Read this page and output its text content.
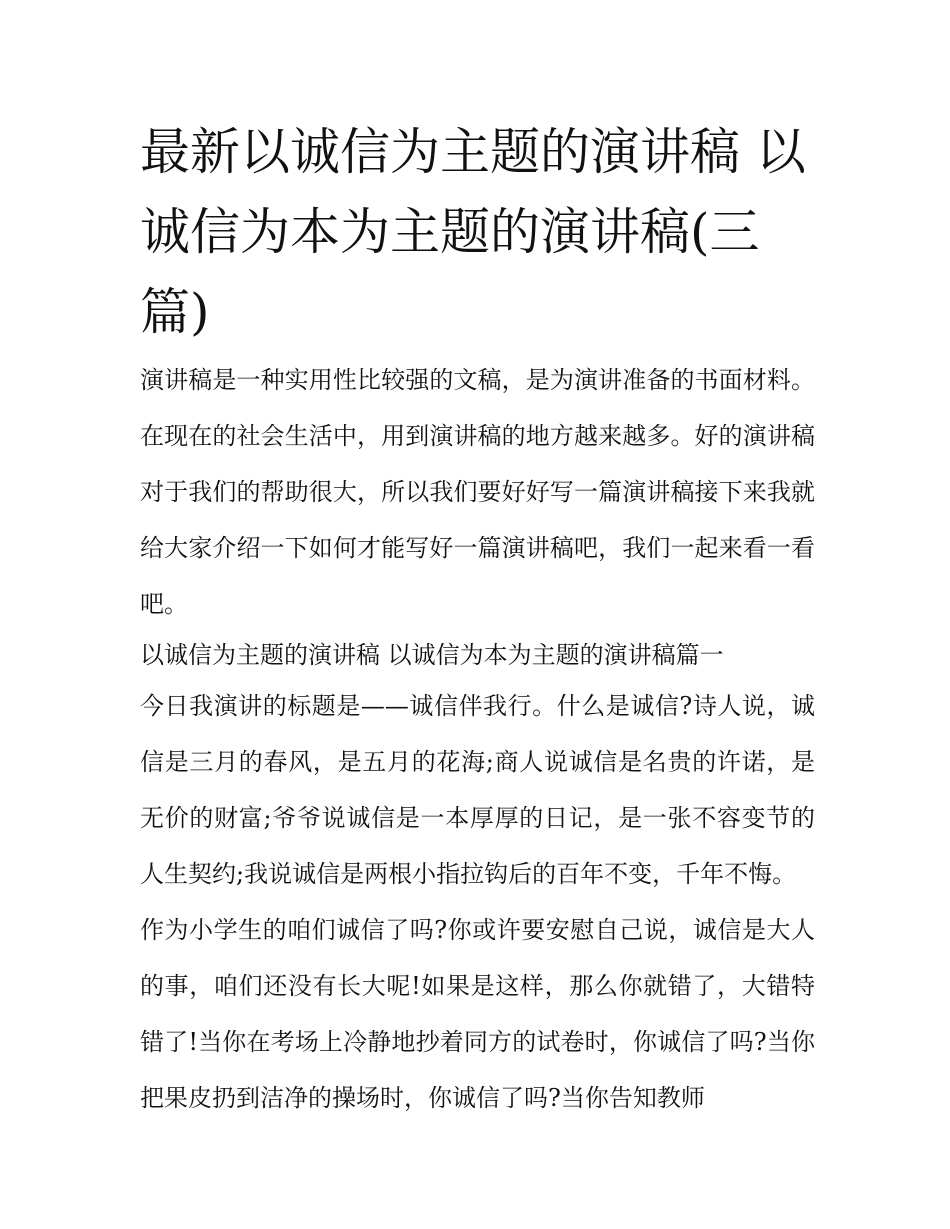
最新以诚信为主题的演讲稿 以诚信为本为主题的演讲稿(三篇)

演讲稿是一种实用性比较强的文稿，是为演讲准备的书面材料。在现在的社会生活中，用到演讲稿的地方越来越多。好的演讲稿对于我们的帮助很大，所以我们要好好写一篇演讲稿接下来我就给大家介绍一下如何才能写好一篇演讲稿吧，我们一起来看一看吧。

以诚信为主题的演讲稿 以诚信为本为主题的演讲稿篇一

今日我演讲的标题是——诚信伴我行。什么是诚信?诗人说，诚信是三月的春风，是五月的花海;商人说诚信是名贵的许诺，是无价的财富;爷爷说诚信是一本厚厚的日记，是一张不容变节的人生契约;我说诚信是两根小指拉钩后的百年不变，千年不悔。

作为小学生的咱们诚信了吗?你或许要安慰自己说，诚信是大人的事，咱们还没有长大呢!如果是这样，那么你就错了，大错特错了!当你在考场上冷静地抄着同方的试卷时，你诚信了吗?当你把果皮扔到洁净的操场时，你诚信了吗?当你告知教师
